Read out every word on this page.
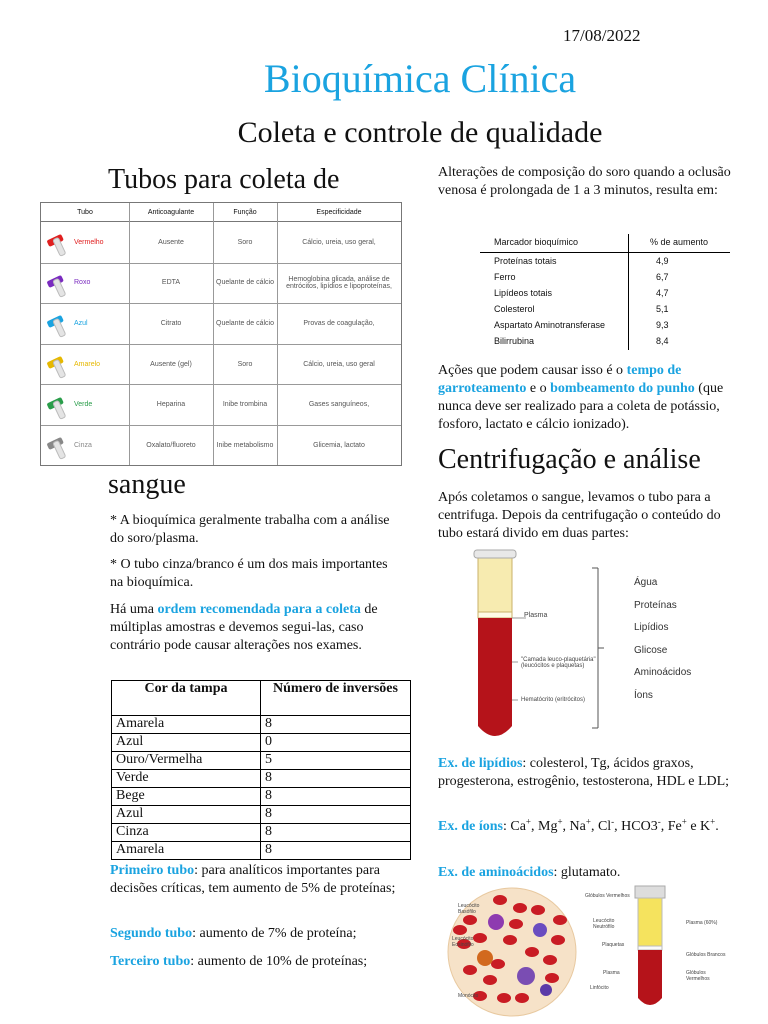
17/08/2022
Bioquímica Clínica
Coleta e controle de qualidade
Tubos para coleta de
Tubo	Anticoagulante	Função	Especificidade
Vermelho	Ausente	Soro	Cálcio, ureia, uso geral,
Roxo	EDTA	Quelante de cálcio	Hemoglobina glicada, análise de entrócitos, lipídios e lipoproteínas,
Azul	Citrato	Quelante de cálcio	Provas de coagulação,
Amarelo	Ausente (gel)	Soro	Cálcio, ureia, uso geral
Verde	Heparina	Inibe trombina	Gases sanguíneos,
Cinza	Oxalato/fluoreto	Inibe metabolismo	Glicemia, lactato
sangue
* A bioquímica geralmente trabalha com a análise do soro/plasma.
* O tubo cinza/branco é um dos mais importantes na bioquímica.
Há uma ordem recomendada para a coleta de múltiplas amostras e devemos segui-las, caso contrário pode causar alterações nos exames.
Cor da tampa	Número de inversões
Amarela	8
Azul	0
Ouro/Vermelha	5
Verde	8
Bege	8
Azul	8
Cinza	8
Amarela	8
Primeiro tubo: para analíticos importantes para decisões críticas, tem aumento de 5% de proteínas;
Segundo tubo: aumento de 7% de proteína;
Terceiro tubo: aumento de 10% de proteínas;
Alterações de composição do soro quando a oclusão venosa é prolongada de 1 a 3 minutos, resulta em:
Marcador bioquímico	% de aumento
Proteínas totais	4,9
Ferro	6,7
Lipídeos totais	4,7
Colesterol	5,1
Aspartato Aminotransferase	9,3
Bilirrubina	8,4
Ações que podem causar isso é o tempo de garroteamento e o bombeamento do punho (que nunca deve ser realizado para a coleta de potássio, fosforo, lactato e cálcio ionizado).
Centrifugação e análise
Após coletamos o sangue, levamos o tubo para a centrifuga. Depois da centrifugação o conteúdo do tubo estará divido em duas partes:
Plasma
"Camada leuco-plaquetária" (leucócitos e plaquetas)
Hematócrito (eritrócitos)
Água
Proteínas
Lipídios
Glicose
Aminoácidos
Íons
Ex. de lipídios: colesterol, Tg, ácidos graxos, progesterona, estrogênio, testosterona, HDL e LDL;
Ex. de íons: Ca+, Mg+, Na+, Cl-, HCO3-, Fe+ e K+.
Ex. de aminoácidos: glutamato.
Glóbulos Vermelhos
Leucócito Basófilo
Leucócito Neutrófilo
Plaquetas
Leucócito Eosinófilo
Plasma
Linfócito
Monócito
Plasma (60%)
Glóbulos Brancos
Glóbulos Vermelhos
